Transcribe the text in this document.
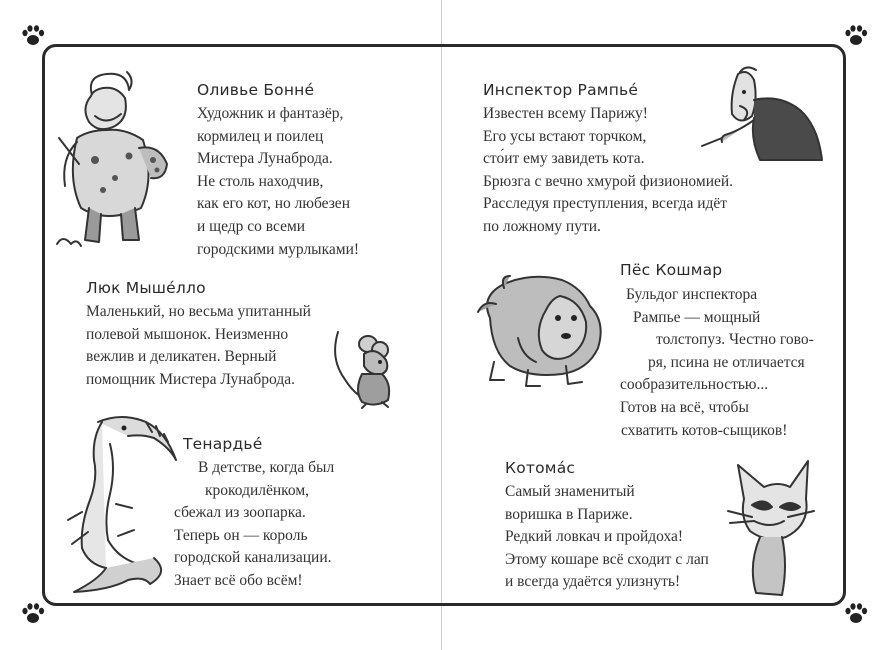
Оливье Бонне́
Художник и фантазёр,
кормилец и поилец
Мистера Лунаброда.
Не столь находчив,
как его кот, но любезен
и щедр со всеми
городскими мурлыками!
Люк Мыше́лло
Маленький, но весьма упитанный
полевой мышонок. Неизменно
вежлив и деликатен. Верный
помощник Мистера Лунаброда.
Тенардье́
В детстве, когда был
крокодилёнком,
сбежал из зоопарка.
Теперь он — король
городской канализации.
Знает всё обо всём!
Инспектор Рампье́
Известен всему Парижу!
Его усы встают торчком,
сто́ит ему завидеть кота.
Брюзга с вечно хмурой физиономией.
Расследуя преступления, всегда идёт
по ложному пути.
Пёс Кошмар
Бульдог инспектора
Рампье — мощный
толстопуз. Честно гово-
ря, псина не отличается
сообразительностью...
Готов на всё, чтобы
схватить котов-сыщиков!
Котома́с
Самый знаменитый
воришка в Париже.
Редкий ловкач и пройдоха!
Этому кошаре всё сходит с лап
и всегда удаётся улизнуть!
